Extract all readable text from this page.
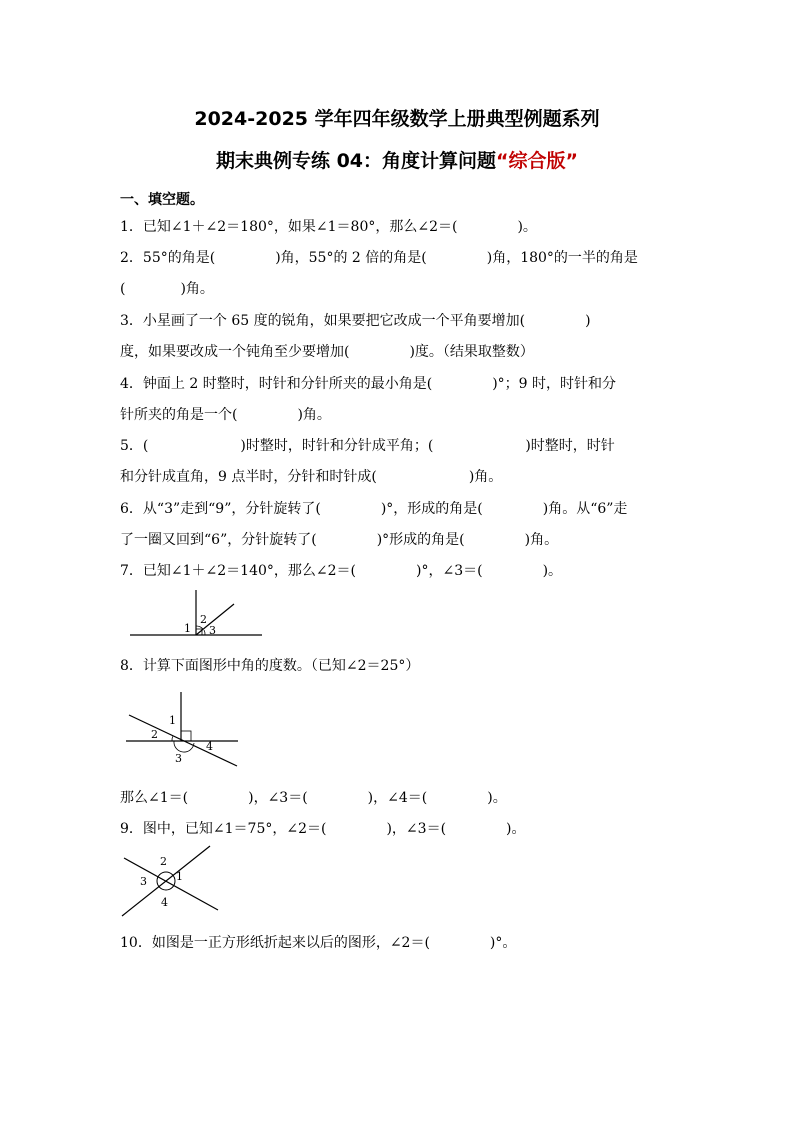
2024-2025 学年四年级数学上册典型例题系列
期末典例专练 04：角度计算问题“综合版”
一、填空题。
1．已知∠1＋∠2＝180°，如果∠1＝80°，那么∠2＝(	)。
2．55°的角是(	)角，55°的 2 倍的角是(	)角，180°的一半的角是
(	)角。
3．小星画了一个 65 度的锐角，如果要把它改成一个平角要增加(	)
度，如果要改成一个钝角至少要增加(	)度。（结果取整数）
4．钟面上 2 时整时，时针和分针所夹的最小角是(	)°；9 时，时针和分
针所夹的角是一个(	)角。
5．(	)时整时，时针和分针成平角；(	)时整时，时针
和分针成直角，9 点半时，分针和时针成(	)角。
6．从“3”走到“9”，分针旋转了(	)°，形成的角是(	)角。从“6”走
了一圈又回到“6”，分针旋转了(	)°形成的角是(	)角。
7．已知∠1＋∠2＝140°，那么∠2＝(	)°，∠3＝(	)。
1
2
3
8．计算下面图形中角的度数。（已知∠2＝25°）
1
2
3
4
那么∠1＝(	)，∠3＝(	)，∠4＝(	)。
9．图中，已知∠1＝75°，∠2＝(	)，∠3＝(	)。
2
1
3
4
10．如图是一正方形纸折起来以后的图形，∠2＝(	)°。
